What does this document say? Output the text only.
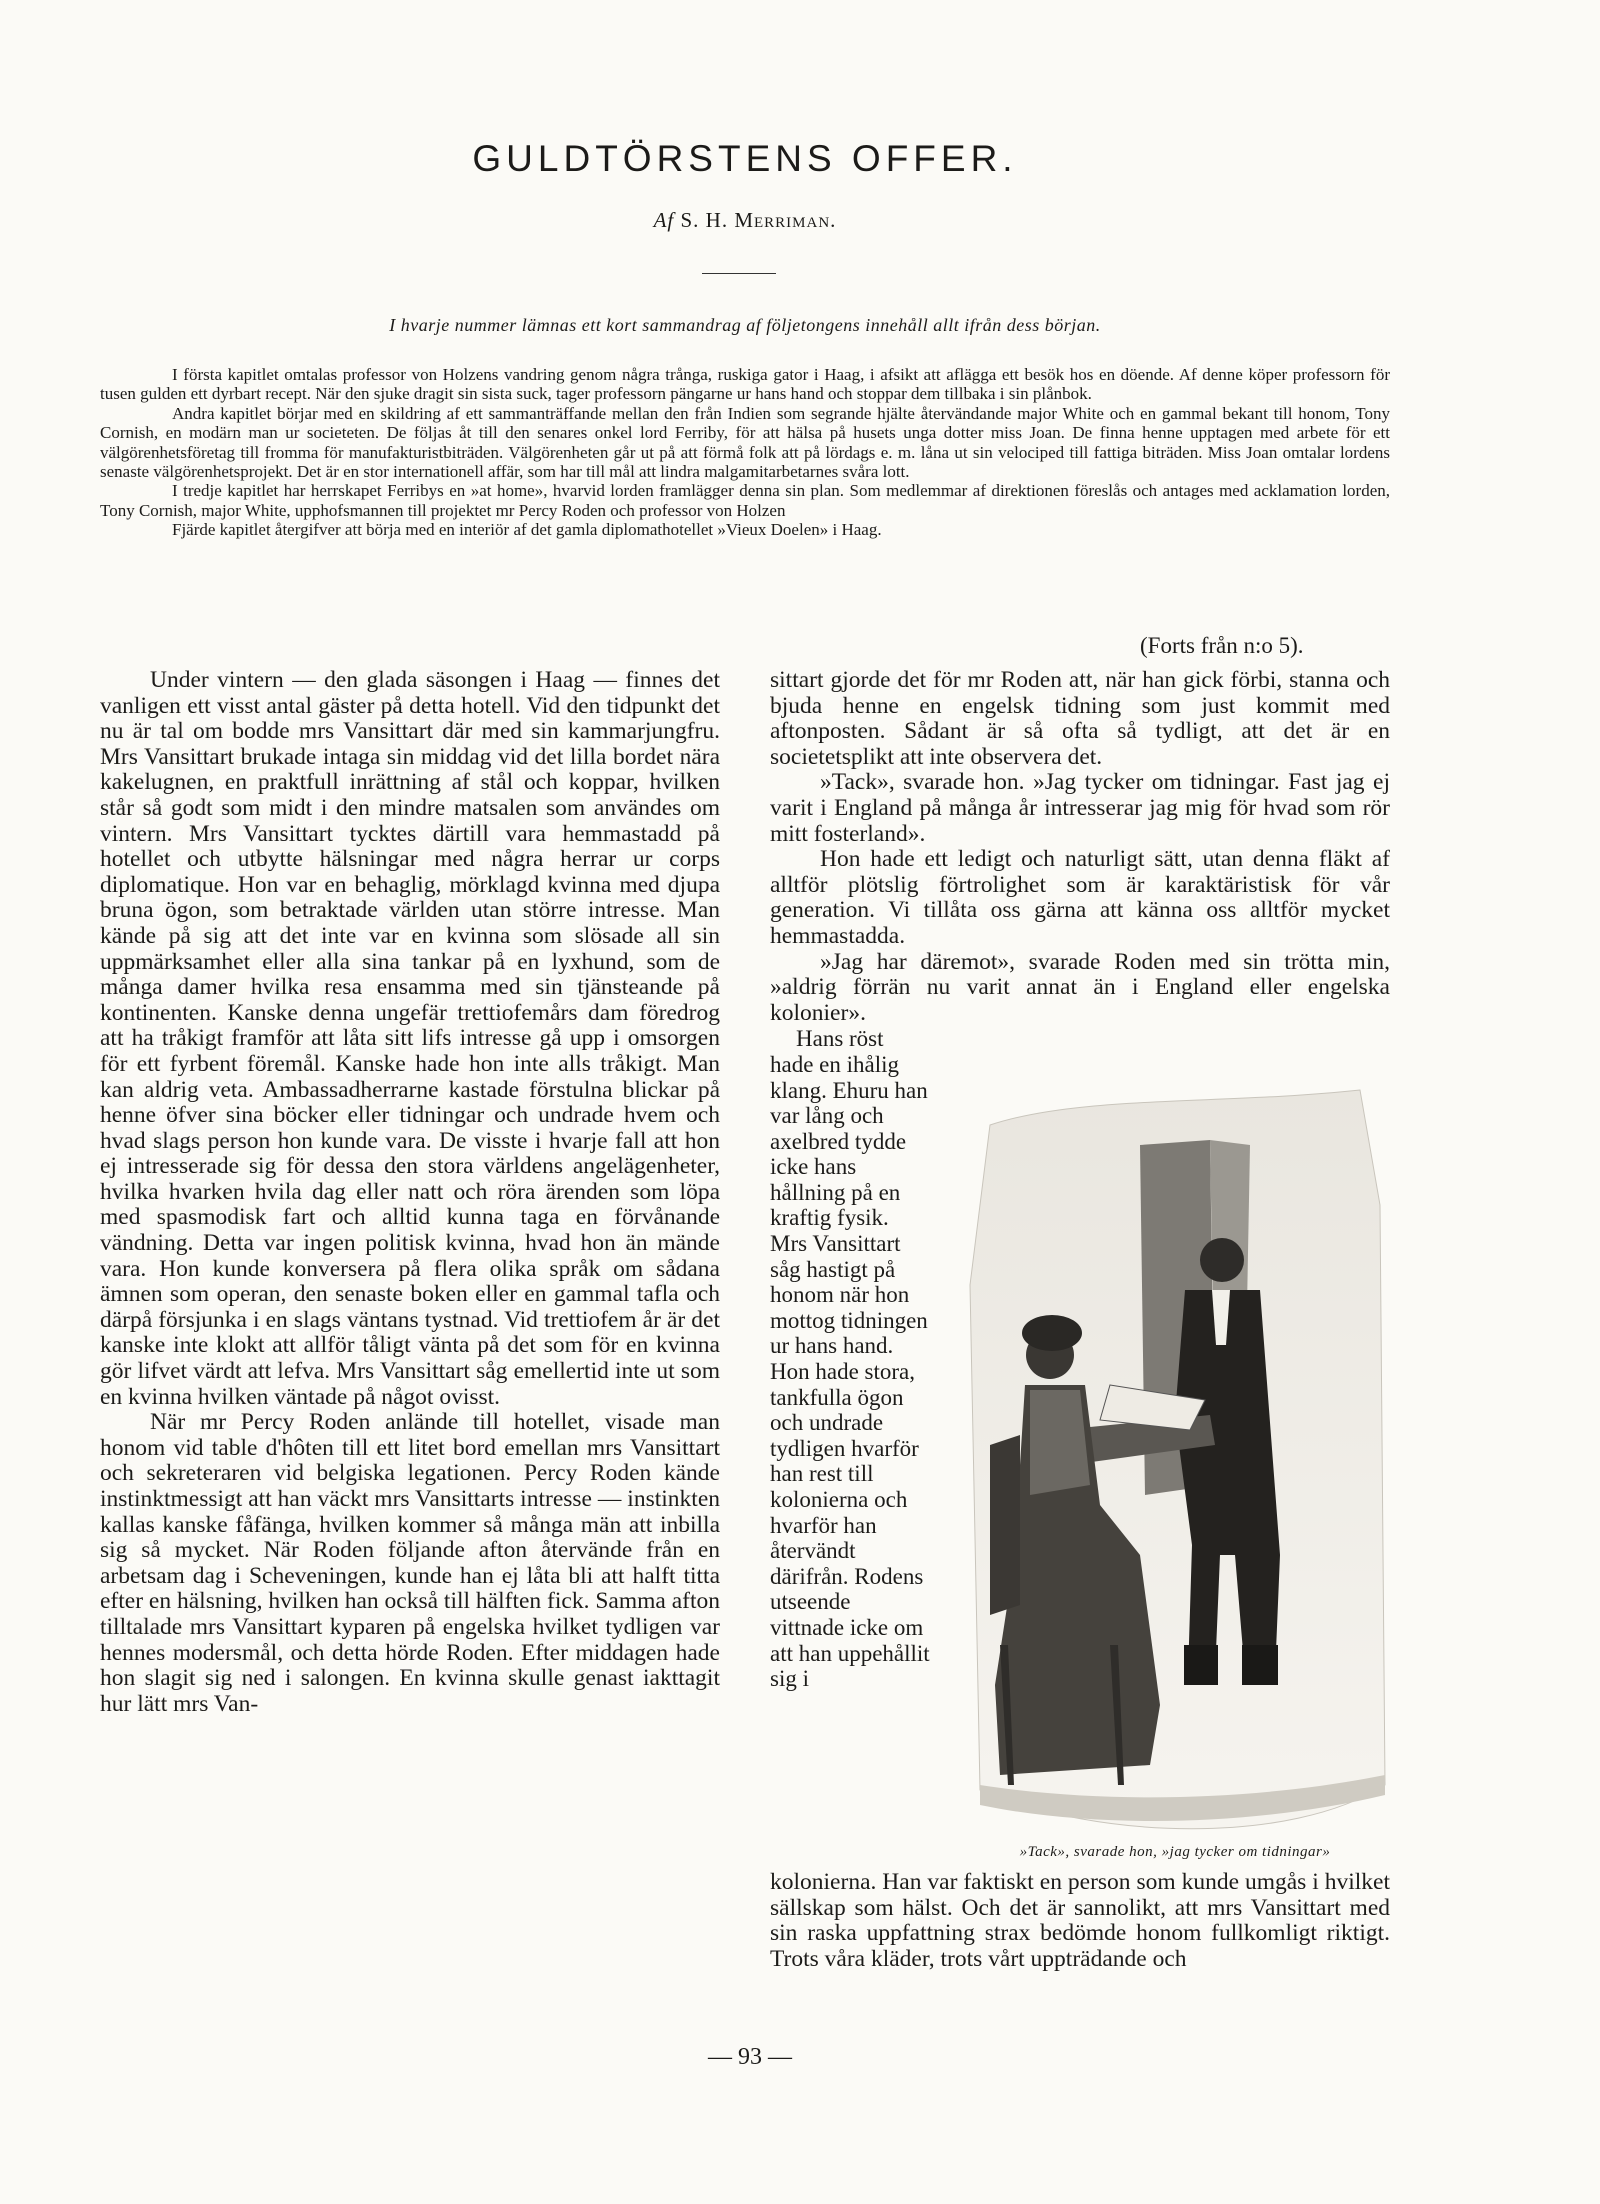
GULDTÖRSTENS OFFER.
Af S. H. Merriman.
I hvarje nummer lämnas ett kort sammandrag af följetongens innehåll allt ifrån dess början.

I första kapitlet omtalas professor von Holzens vandring genom några trånga, ruskiga gator i Haag, i afsikt att aflägga ett besök hos en döende. Af denne köper professorn för tusen gulden ett dyrbart recept. När den sjuke dragit sin sista suck, tager professorn pängarne ur hans hand och stoppar dem tillbaka i sin plånbok.

Andra kapitlet börjar med en skildring af ett sammanträffande mellan den från Indien som segrande hjälte återvändande major White och en gammal bekant till honom, Tony Cornish, en modärn man ur societeten. De följas åt till den senares onkel lord Ferriby, för att hälsa på husets unga dotter miss Joan. De finna henne upptagen med arbete för ett välgörenhetsföretag till fromma för manufakturistbiträden. Välgörenheten går ut på att förmå folk att på lördags e. m. låna ut sin velociped till fattiga biträden. Miss Joan omtalar lordens senaste välgörenhetsprojekt. Det är en stor internationell affär, som har till mål att lindra malgamitarbetarnes svåra lott.

I tredje kapitlet har herrskapet Ferribys en »at home», hvarvid lorden framlägger denna sin plan. Som medlemmar af direktionen föreslås och antages med acklamation lorden, Tony Cornish, major White, upphofsmannen till projektet mr Percy Roden och professor von Holzen

Fjärde kapitlet återgifver att börja med en interiör af det gamla diplomathotellet »Vieux Doelen» i Haag.

(Forts från n:o 5).

Under vintern — den glada säsongen i Haag — finnes det vanligen ett visst antal gäster på detta hotell. Vid den tidpunkt det nu är tal om bodde mrs Vansittart där med sin kammarjungfru. Mrs Vansittart brukade intaga sin middag vid det lilla bordet nära kakelugnen, en praktfull inrättning af stål och koppar, hvilken står så godt som midt i den mindre matsalen som användes om vintern. Mrs Vansittart tycktes därtill vara hemmastadd på hotellet och utbytte hälsningar med några herrar ur corps diplomatique. Hon var en behaglig, mörklagd kvinna med djupa bruna ögon, som betraktade världen utan större intresse. Man kände på sig att det inte var en kvinna som slösade all sin uppmärksamhet eller alla sina tankar på en lyxhund, som de många damer hvilka resa ensamma med sin tjänsteande på kontinenten. Kanske denna ungefär trettiofemårs dam föredrog att ha tråkigt framför att låta sitt lifs intresse gå upp i omsorgen för ett fyrbent föremål. Kanske hade hon inte alls tråkigt. Man kan aldrig veta. Ambassadherrarne kastade förstulna blickar på henne öfver sina böcker eller tidningar och undrade hvem och hvad slags person hon kunde vara. De visste i hvarje fall att hon ej intresserade sig för dessa den stora världens angelägenheter, hvilka hvarken hvila dag eller natt och röra ärenden som löpa med spasmodisk fart och alltid kunna taga en förvånande vändning. Detta var ingen politisk kvinna, hvad hon än mände vara. Hon kunde konversera på flera olika språk om sådana ämnen som operan, den senaste boken eller en gammal tafla och därpå försjunka i en slags väntans tystnad. Vid trettiofem år är det kanske inte klokt att allför tåligt vänta på det som för en kvinna gör lifvet värdt att lefva. Mrs Vansittart såg emellertid inte ut som en kvinna hvilken väntade på något ovisst.

När mr Percy Roden anlände till hotellet, visade man honom vid table d'hôten till ett litet bord emellan mrs Vansittart och sekreteraren vid belgiska legationen. Percy Roden kände instinktmessigt att han väckt mrs Vansittarts intresse — instinkten kallas kanske fåfänga, hvilken kommer så många män att inbilla sig så mycket. När Roden följande afton återvände från en arbetsam dag i Scheveningen, kunde han ej låta bli att halft titta efter en hälsning, hvilken han också till hälften fick. Samma afton tilltalade mrs Vansittart kyparen på engelska hvilket tydligen var hennes modersmål, och detta hörde Roden. Efter middagen hade hon slagit sig ned i salongen. En kvinna skulle genast iakttagit hur lätt mrs Van-

sittart gjorde det för mr Roden att, när han gick förbi, stanna och bjuda henne en engelsk tidning som just kommit med aftonposten. Sådant är så ofta så tydligt, att det är en societetsplikt att inte observera det.

»Tack», svarade hon. »Jag tycker om tidningar. Fast jag ej varit i England på många år intresserar jag mig för hvad som rör mitt fosterland».

Hon hade ett ledigt och naturligt sätt, utan denna fläkt af alltför plötslig förtrolighet som är karaktäristisk för vår generation. Vi tillåta oss gärna att känna oss alltför mycket hemmastadda.

»Jag har däremot», svarade Roden med sin trötta min, »aldrig förrän nu varit annat än i England eller engelska kolonier».

Hans röst hade en ihålig klang. Ehuru han var lång och axelbred tydde icke hans hållning på en kraftig fysik. Mrs Vansittart såg hastigt på honom när hon mottog tidningen ur hans hand. Hon hade stora, tankfulla ögon och undrade tydligen hvarför han rest till kolonierna och hvarför han återvändt därifrån. Rodens utseende vittnade icke om att han uppehållit sig i

»Tack», svarade hon, »jag tycker om tidningar»

kolonierna. Han var faktiskt en person som kunde umgås i hvilket sällskap som hälst. Och det är sannolikt, att mrs Vansittart med sin raska uppfattning strax bedömde honom fullkomligt riktigt. Trots våra kläder, trots vårt uppträdande och

— 93 —
